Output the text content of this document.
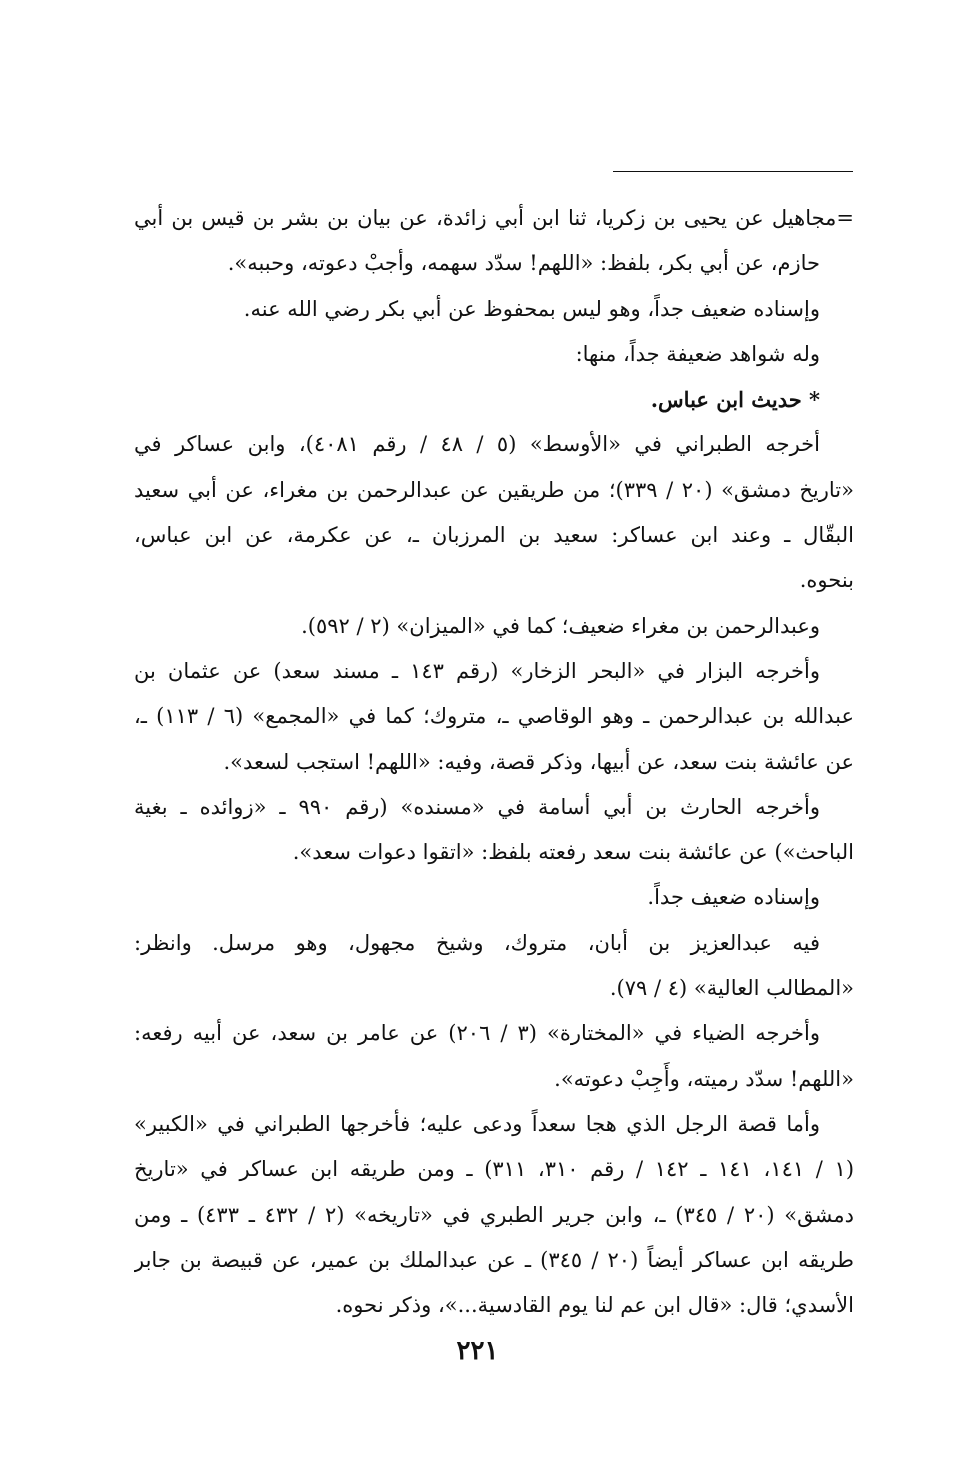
=مجاهيل عن يحيى بن زكريا، ثنا ابن أبي زائدة، عن بيان بن بشر بن قيس بن أبي
حازم، عن أبي بكر، بلفظ: «اللهم! سدّد سهمه، وأجبْ دعوته، وحببه».
وإسناده ضعيف جداً، وهو ليس بمحفوظ عن أبي بكر رضي الله عنه.
وله شواهد ضعيفة جداً، منها:
* حديث ابن عباس.
أخرجه الطبراني في «الأوسط» (٥ / ٤٨ / رقم ٤٠٨١)، وابن عساكر في
«تاريخ دمشق» (٢٠ / ٣٣٩)؛ من طريقين عن عبدالرحمن بن مغراء، عن أبي سعيد
البقّال ـ وعند ابن عساكر: سعيد بن المرزبان ـ، عن عكرمة، عن ابن عباس،
بنحوه.
وعبدالرحمن بن مغراء ضعيف؛ كما في «الميزان» (٢ / ٥٩٢).
وأخرجه البزار في «البحر الزخار» (رقم ١٤٣ ـ مسند سعد) عن عثمان بن
عبدالله بن عبدالرحمن ـ وهو الوقاصي ـ، متروك؛ كما في «المجمع» (٦ / ١١٣) ـ،
عن عائشة بنت سعد، عن أبيها، وذكر قصة، وفيه: «اللهم! استجب لسعد».
وأخرجه الحارث بن أبي أسامة في «مسنده» (رقم ٩٩٠ ـ «زوائده ـ بغية
الباحث») عن عائشة بنت سعد رفعته بلفظ: «اتقوا دعوات سعد».
وإسناده ضعيف جداً.
فيه عبدالعزيز بن أبان، متروك، وشيخ مجهول، وهو مرسل. وانظر:
«المطالب العالية» (٤ / ٧٩).
وأخرجه الضياء في «المختارة» (٣ / ٢٠٦) عن عامر بن سعد، عن أبيه رفعه:
«اللهم! سدّد رميته، وأَجِبْ دعوته».
وأما قصة الرجل الذي هجا سعداً ودعى عليه؛ فأخرجها الطبراني في «الكبير»
(١ / ١٤١، ١٤١ ـ ١٤٢ / رقم ٣١٠، ٣١١) ـ ومن طريقه ابن عساكر في «تاريخ
دمشق» (٢٠ / ٣٤٥) ـ، وابن جرير الطبري في «تاريخه» (٢ / ٤٣٢ ـ ٤٣٣) ـ ومن
طريقه ابن عساكر أيضاً (٢٠ / ٣٤٥) ـ عن عبدالملك بن عمير، عن قبيصة بن جابر
الأسدي؛ قال: «قال ابن عم لنا يوم القادسية...»، وذكر نحوه.
٢٢١
